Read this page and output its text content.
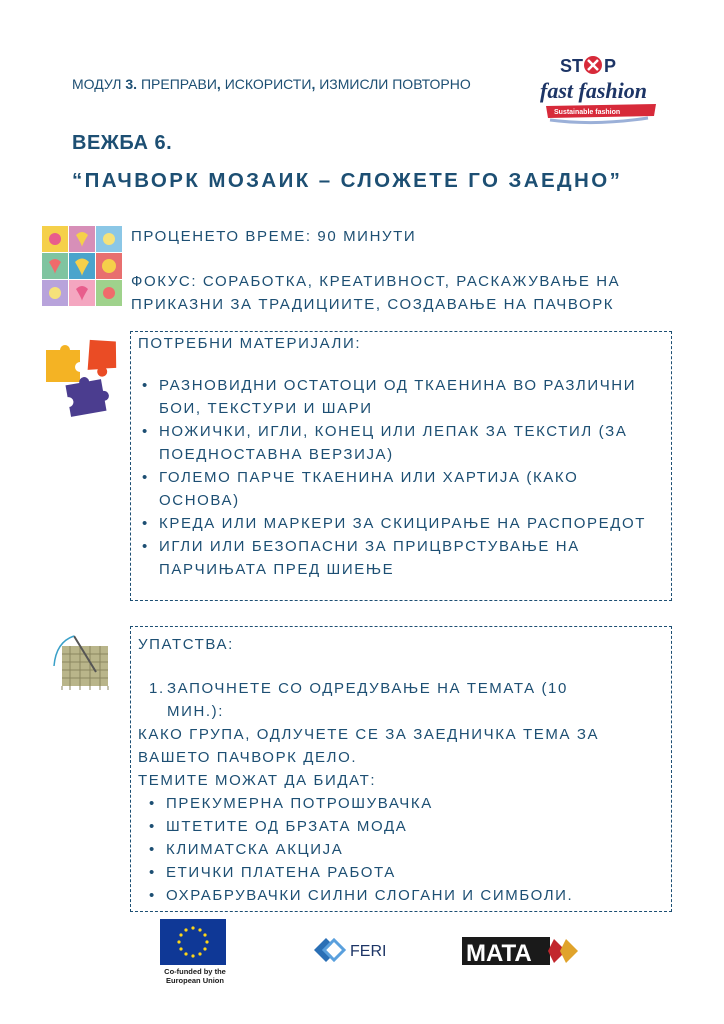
МОДУЛ 3. ПРЕПРАВИ, ИСКОРИСТИ, ИЗМИСЛИ ПОВТОРНО
ВЕЖБА 6.
“ПАЧВОРК МОЗАИК – СЛОЖЕТЕ ГО ЗАЕДНО”
ST P
fast fashion
Sustainable fashion
ПРОЦЕНЕТО ВРЕМЕ: 90 МИНУТИ
ФОКУС: СОРАБОТКА, КРЕАТИВНОСТ, РАСКАЖУВАЊЕ НА ПРИКАЗНИ ЗА ТРАДИЦИИТЕ, СОЗДАВАЊЕ НА ПАЧВОРК
ПОТРЕБНИ МАТЕРИЈАЛИ:
• РАЗНОВИДНИ ОСТАТОЦИ ОД ТКАЕНИНА ВО РАЗЛИЧНИ БОИ, ТЕКСТУРИ И ШАРИ
• НОЖИЧКИ, ИГЛИ, КОНЕЦ ИЛИ ЛЕПАК ЗА ТЕКСТИЛ (ЗА ПОЕДНОСТАВНА ВЕРЗИЈА)
• ГОЛЕМО ПАРЧЕ ТКАЕНИНА ИЛИ ХАРТИЈА (КАКО ОСНОВА)
• КРЕДА ИЛИ МАРКЕРИ ЗА СКИЦИРАЊЕ НА РАСПОРЕДОТ
• ИГЛИ ИЛИ БЕЗОПАСНИ ЗА ПРИЦВРСТУВАЊЕ НА ПАРЧИЊАТА ПРЕД ШИЕЊЕ
УПАТСТВА:
1. ЗАПОЧНЕТЕ СО ОДРЕДУВАЊЕ НА ТЕМАТА (10 МИН.):
КАКО ГРУПА, ОДЛУЧЕТЕ СЕ ЗА ЗАЕДНИЧКА ТЕМА ЗА ВАШЕТО ПАЧВОРК ДЕЛО.
ТЕМИТЕ МОЖАТ ДА БИДАТ:
• ПРЕКУМЕРНА ПОТРОШУВАЧКА
• ШТЕТИТЕ ОД БРЗАТА МОДА
• КЛИМАТСКА АКЦИЈА
• ЕТИЧКИ ПЛАТЕНА РАБОТА
• ОХРАБРУВАЧКИ СИЛНИ СЛОГАНИ И СИМБОЛИ.
Co-funded by the European Union
FERI	MATA
